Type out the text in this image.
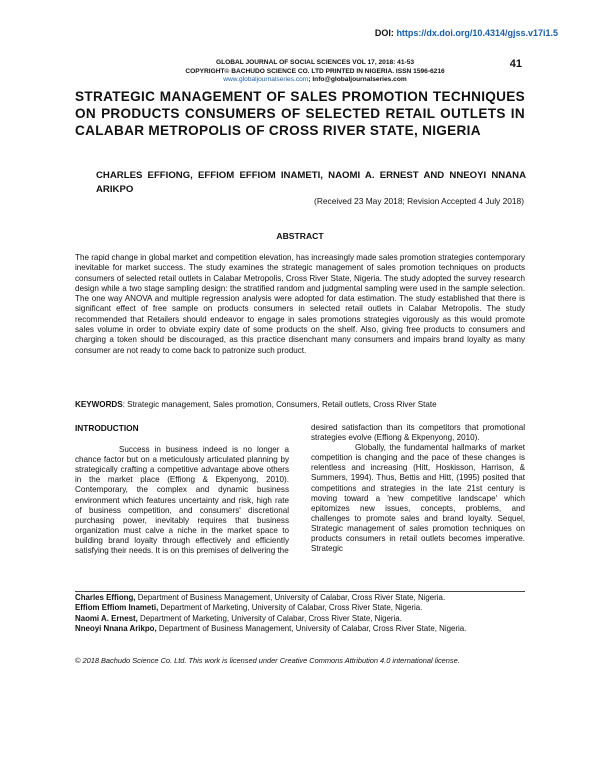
DOI: https://dx.doi.org/10.4314/gjss.v17i1.5
41
GLOBAL JOURNAL OF SOCIAL SCIENCES VOL 17, 2018: 41-53
COPYRIGHT© BACHUDO SCIENCE CO. LTD PRINTED IN NIGERIA. ISSN 1596-6216
www.globaljournalseries.com; Info@globaljournalseries.com
STRATEGIC MANAGEMENT OF SALES PROMOTION TECHNIQUES ON PRODUCTS CONSUMERS OF SELECTED RETAIL OUTLETS IN CALABAR METROPOLIS OF CROSS RIVER STATE, NIGERIA
CHARLES EFFIONG, EFFIOM EFFIOM INAMETI, NAOMI A. ERNEST AND NNEOYI NNANA ARIKPO
(Received 23 May 2018; Revision Accepted 4 July 2018)
ABSTRACT
The rapid change in global market and competition elevation, has increasingly made sales promotion strategies contemporary inevitable for market success. The study examines the strategic management of sales promotion techniques on products consumers of selected retail outlets in Calabar Metropolis, Cross River State, Nigeria. The study adopted the survey research design while a two stage sampling design: the stratified random and judgmental sampling were used in the sample selection. The one way ANOVA and multiple regression analysis were adopted for data estimation. The study established that there is significant effect of free sample on products consumers in selected retail outlets in Calabar Metropolis. The study recommended that Retailers should endeavor to engage in sales promotions strategies vigorously as this would promote sales volume in order to obviate expiry date of some products on the shelf. Also, giving free products to consumers and charging a token should be discouraged, as this practice disenchant many consumers and impairs brand loyalty as many consumer are not ready to come back to patronize such product.
KEYWORDS: Strategic management, Sales promotion, Consumers, Retail outlets, Cross River State
INTRODUCTION

Success in business indeed is no longer a chance factor but on a meticulously articulated planning by strategically crafting a competitive advantage above others in the market place (Effiong & Ekpenyong, 2010). Contemporary, the complex and dynamic business environment which features uncertainty and risk, high rate of business competition, and consumers' discretional purchasing power, inevitably requires that business organization must calve a niche in the market space to building brand loyalty through effectively and efficiently satisfying their needs. It is on this premises of delivering the

desired satisfaction than its competitors that promotional strategies evolve (Effiong & Ekpenyong, 2010).

Globally, the fundamental hallmarks of market competition is changing and the pace of these changes is relentless and increasing (Hitt, Hoskisson, Harrison, & Summers, 1994). Thus, Bettis and Hitt, (1995) posited that competitions and strategies in the late 21st century is moving toward a 'new competitive landscape' which epitomizes new issues, concepts, problems, and challenges to promote sales and brand loyalty. Sequel, Strategic management of sales promotion techniques on products consumers in retail outlets becomes imperative. Strategic

Charles Effiong, Department of Business Management, University of Calabar, Cross River State, Nigeria.
Effiom Effiom Inameti, Department of Marketing, University of Calabar, Cross River State, Nigeria.
Naomi A. Ernest, Department of Marketing, University of Calabar, Cross River State, Nigeria.
Nneoyi Nnana Arikpo, Department of Business Management, University of Calabar, Cross River State, Nigeria.
© 2018 Bachudo Science Co. Ltd. This work is licensed under Creative Commons Attribution 4.0 international license.
